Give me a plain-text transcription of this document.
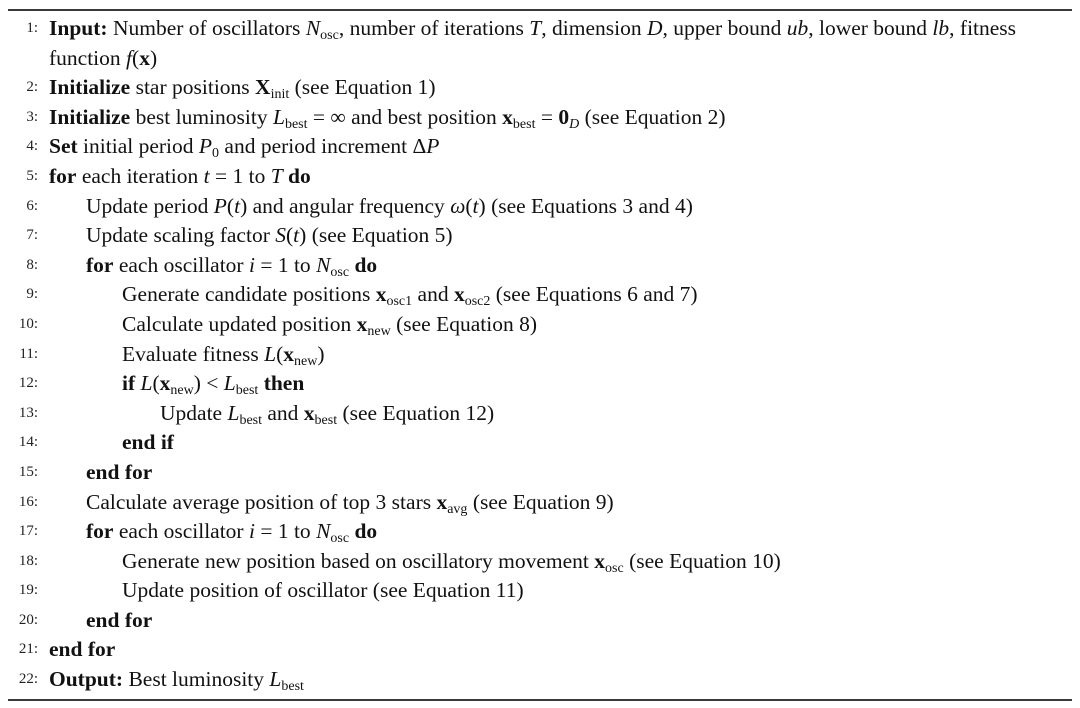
1: Input: Number of oscillators $N_{osc}$, number of iterations T, dimension D, upper bound ub, lower bound lb, fitness function f(x)
2: Initialize star positions $X_{init}$ (see Equation 1)
3: Initialize best luminosity $L_{best}$ = ∞ and best position $x_{best} = 0_D$ (see Equation 2)
4: Set initial period $P_0$ and period increment ΔP
5: for each iteration t = 1 to T do
6: Update period P(t) and angular frequency ω(t) (see Equations 3 and 4)
7: Update scaling factor S(t) (see Equation 5)
8: for each oscillator i = 1 to $N_{osc}$ do
9:	Generate candidate positions $x_{osc1}$ and $x_{osc2}$ (see Equations 6 and 7)
10:	Calculate updated position $x_{new}$ (see Equation 8)
11:	Evaluate fitness $L(x_{new})$
12:	if $L(x_{new}) < L_{best}$ then
13:	Update $L_{best}$ and $x_{best}$ (see Equation 12)
14:	end if
15: end for
16: Calculate average position of top 3 stars $x_{avg}$ (see Equation 9)
17: for each oscillator i = 1 to $N_{osc}$ do
18:	Generate new position based on oscillatory movement $x_{osc}$ (see Equation 10)
19:	Update position of oscillator (see Equation 11)
20: end for
21: end for
22: Output: Best luminosity $L_{best}$
